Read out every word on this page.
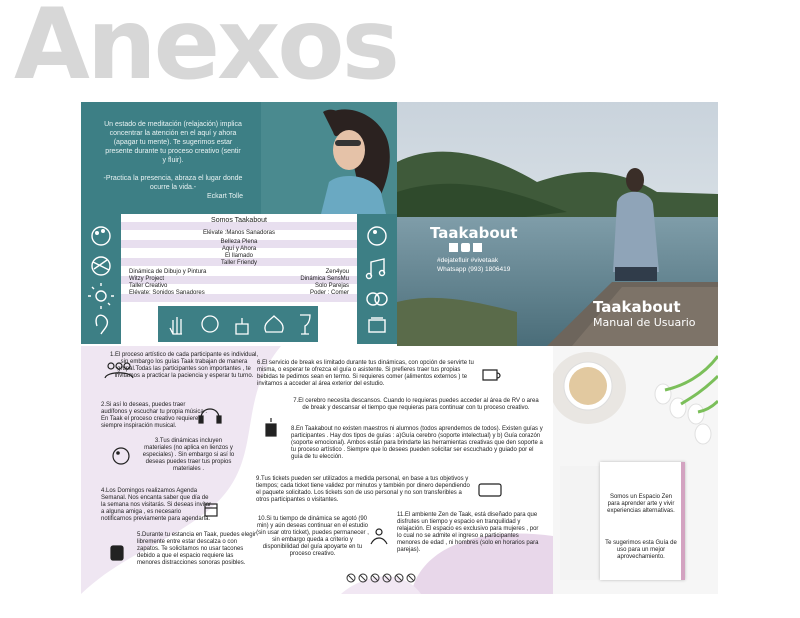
Anexos

Un estado de meditación (relajación) implica concentrar la atención en el aquí y ahora (apagar tu mente). Te sugerimos estar presente durante tu proceso creativo (sentir y fluir).

-Practica la presencia, abraza el lugar donde ocurre la vida.-

Eckart Tolle
Somos Taakabout
Elévate :Manos Sanadoras
Belleza Plena
Aquí y Ahora
El llamado
Taller Friendy
Dinámica de Dibujo y Pintura
Witzy Project
Taller Creativo
Elévate: Sonidos Sanadores
Zen4you
Dinámica SensMu
Solo Parejas
Poder : Comer
Taakabout
#dejatefluir #vivetaak
Whatsapp (993) 1806419
Taakabout
Manual de Usuario
1.El proceso artístico de cada participante es individual, sin embargo los guías Taak trabajan de manera grupal.Todas las participantes son importantes , te invitamos a practicar la paciencia y esperar tu turno.
2.Si así lo deseas, puedes traer audífonos y escuchar tu propia música . En Taak el proceso creativo requiere siempre inspiración musical.
3.Tus dinámicas incluyen materiales (no aplica en lienzos y especiales) . Sin embargo si así lo deseas puedes traer tus propios materiales .
4.Los Domingos realizamos Agenda Semanal. Nos encanta saber que día de la semana nos visitarás. Si deseas invitar a alguna amiga , es necesario notificarnos previamente para agendarla.
5.Durante tu estancia en Taak, puedes elegir libremente entre estar descalza o con zapatos. Te solicitamos no usar tacones debido a que el espacio requiere las menores distracciones sonoras posibles.
6.El servicio de break es limitado durante tus dinámicas, con opción de servirte tu misma, o esperar te ofrezca el guía o asistente. Si prefieres traer tus propias bebidas te pedimos sean en termo. Si requieres comer (alimentos externos ) te invitamos a acceder al área exterior del estudio.
7.El cerebro necesita descansos. Cuando lo requieras puedes acceder al área de RV o area de break y descansar el tiempo que requieras para continuar con tu proceso creativo.
8.En Taakabout no existen maestros ni alumnos (todos aprendemos de todos). Existen guías y participantes . Hay dos tipos de guías : a)Guía cerebro (soporte intelectual) y b) Guía corazón (soporte emocional). Ambos están para brindarte las herramientas creativas que den soporte a tu proceso artístico . Siempre que lo desees pueden solicitar ser escuchado y guiado por el guía de tu elección.
9.Tus tickets pueden ser utilizados a medida personal, en base a tus objetivos y tiempos; cada ticket tiene validez por minutos y también por dinero dependiendo el paquete solicitado. Los tickets son de uso personal y no son transferibles a otros participantes o visitantes.
10.Si tu tiempo de dinámica se agotó (90 min) y aún deseas continuar en el estudio (sin usar otro ticket), puedes permanecer , sin embargo queda a criterio y disponibilidad del guía apoyarte en tu proceso creativo.
11.El ambiente Zen de Taak, está diseñado para que disfrutes un tiempo y espacio en tranquilidad y relajación. El espacio es exclusivo para mujeres , por lo cual no se admite el ingreso a participantes menores de edad , ni hombres (solo en horarios para parejas).
Somos un Espacio Zen para aprender arte y vivir experiencias alternativas.
Te sugerimos esta Guía de uso para un mejor aprovechamiento.
